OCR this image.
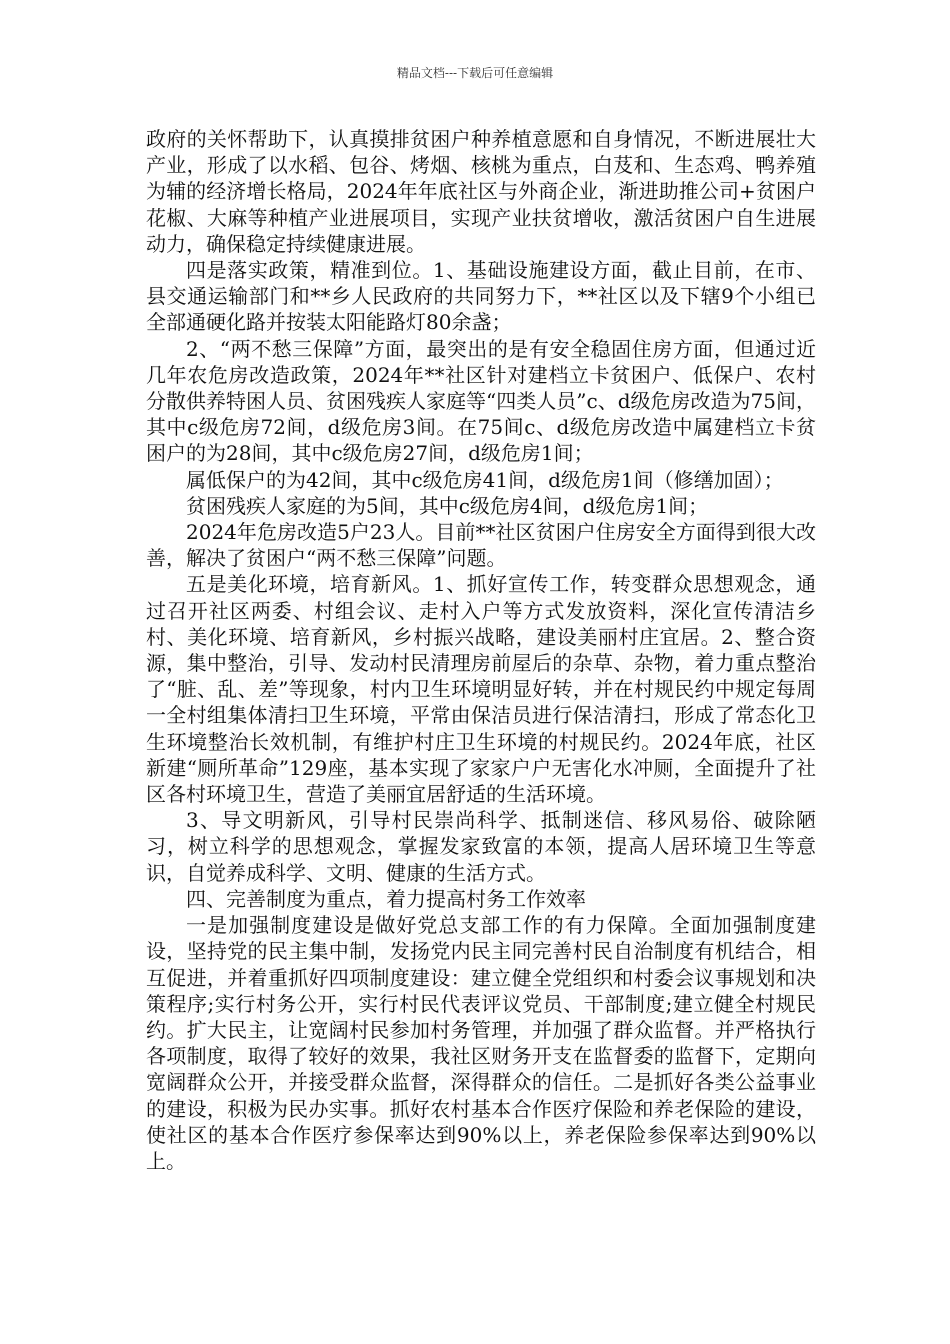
精品文档---下载后可任意编辑

政府的关怀帮助下，认真摸排贫困户种养植意愿和自身情况，不断进展壮大产业，形成了以水稻、包谷、烤烟、核桃为重点，白芨和、生态鸡、鸭养殖为辅的经济增长格局，2024年年底社区与外商企业，渐进助推公司+贫困户花椒、大麻等种植产业进展项目，实现产业扶贫增收，激活贫困户自生进展动力，确保稳定持续健康进展。

四是落实政策，精准到位。1、基础设施建设方面，截止目前，在市、县交通运输部门和**乡人民政府的共同努力下，**社区以及下辖9个小组已全部通硬化路并按装太阳能路灯80余盏；

2、“两不愁三保障”方面，最突出的是有安全稳固住房方面，但通过近几年农危房改造政策，2024年**社区针对建档立卡贫困户、低保户、农村分散供养特困人员、贫困残疾人家庭等“四类人员”c、d级危房改造为75间，其中c级危房72间，d级危房3间。在75间c、d级危房改造中属建档立卡贫困户的为28间，其中c级危房27间，d级危房1间；

属低保户的为42间，其中c级危房41间，d级危房1间（修缮加固）；

贫困残疾人家庭的为5间，其中c级危房4间，d级危房1间；

2024年危房改造5户23人。目前**社区贫困户住房安全方面得到很大改善，解决了贫困户“两不愁三保障”问题。

五是美化环境，培育新风。1、抓好宣传工作，转变群众思想观念，通过召开社区两委、村组会议、走村入户等方式发放资料，深化宣传清洁乡村、美化环境、培育新风，乡村振兴战略，建设美丽村庄宜居。2、整合资源，集中整治，引导、发动村民清理房前屋后的杂草、杂物，着力重点整治了“脏、乱、差”等现象，村内卫生环境明显好转，并在村规民约中规定每周一全村组集体清扫卫生环境，平常由保洁员进行保洁清扫，形成了常态化卫生环境整治长效机制，有维护村庄卫生环境的村规民约。2024年底，社区新建“厕所革命”129座，基本实现了家家户户无害化水冲厕，全面提升了社区各村环境卫生，营造了美丽宜居舒适的生活环境。

3、导文明新风，引导村民崇尚科学、抵制迷信、移风易俗、破除陋习，树立科学的思想观念，掌握发家致富的本领，提高人居环境卫生等意识，自觉养成科学、文明、健康的生活方式。

四、完善制度为重点，着力提高村务工作效率

一是加强制度建设是做好党总支部工作的有力保障。全面加强制度建设，坚持党的民主集中制，发扬党内民主同完善村民自治制度有机结合，相互促进，并着重抓好四项制度建设：建立健全党组织和村委会议事规划和决策程序;实行村务公开，实行村民代表评议党员、干部制度;建立健全村规民约。扩大民主，让宽阔村民参加村务管理，并加强了群众监督。并严格执行各项制度，取得了较好的效果，我社区财务开支在监督委的监督下，定期向宽阔群众公开，并接受群众监督，深得群众的信任。二是抓好各类公益事业的建设，积极为民办实事。抓好农村基本合作医疗保险和养老保险的建设，使社区的基本合作医疗参保率达到90%以上，养老保险参保率达到90%以上。
